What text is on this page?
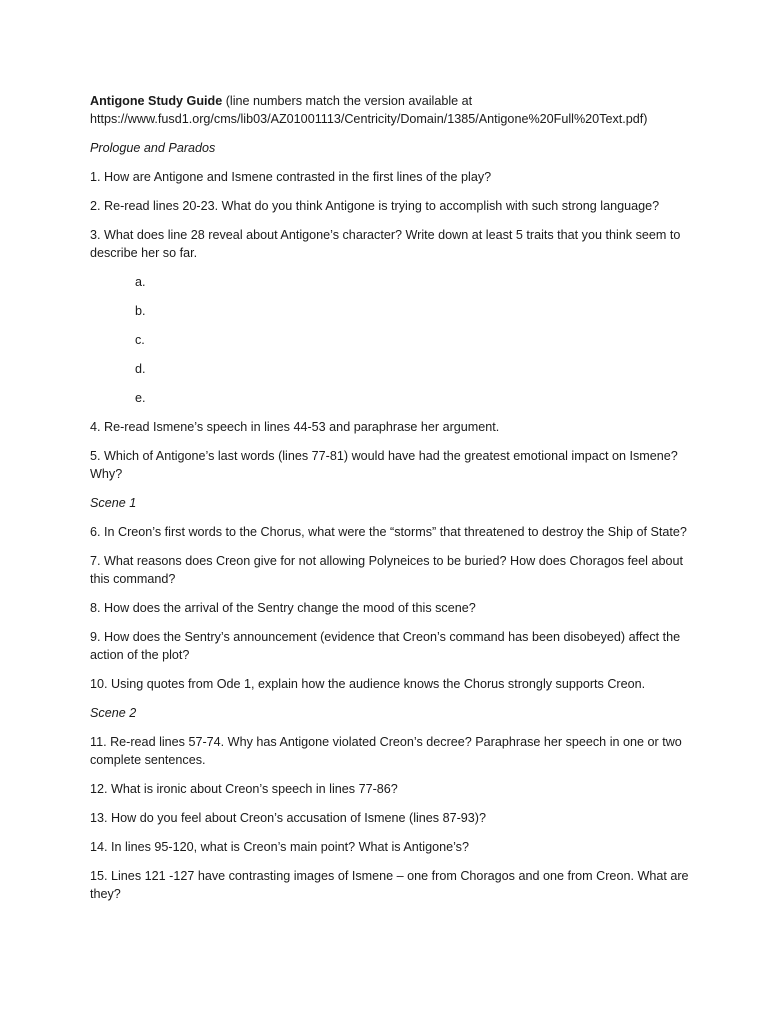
Antigone Study Guide (line numbers match the version available at https://www.fusd1.org/cms/lib03/AZ01001113/Centricity/Domain/1385/Antigone%20Full%20Text.pdf)

Prologue and Parados

1. How are Antigone and Ismene contrasted in the first lines of the play?

2. Re-read lines 20-23. What do you think Antigone is trying to accomplish with such strong language?

3. What does line 28 reveal about Antigone’s character? Write down at least 5 traits that you think seem to describe her so far.

a.

b.

c.

d.

e.

4. Re-read Ismene’s speech in lines 44-53 and paraphrase her argument.

5. Which of Antigone’s last words (lines 77-81) would have had the greatest emotional impact on Ismene? Why?

Scene 1

6. In Creon’s first words to the Chorus, what were the “storms” that threatened to destroy the Ship of State?

7. What reasons does Creon give for not allowing Polyneices to be buried? How does Choragos feel about this command?

8. How does the arrival of the Sentry change the mood of this scene?

9. How does the Sentry’s announcement (evidence that Creon’s command has been disobeyed) affect the action of the plot?

10. Using quotes from Ode 1, explain how the audience knows the Chorus strongly supports Creon.

Scene 2

11. Re-read lines 57-74. Why has Antigone violated Creon’s decree? Paraphrase her speech in one or two complete sentences.

12. What is ironic about Creon’s speech in lines 77-86?

13. How do you feel about Creon’s accusation of Ismene (lines 87-93)?

14. In lines 95-120, what is Creon’s main point? What is Antigone’s?

15. Lines 121 -127 have contrasting images of Ismene – one from Choragos and one from Creon. What are they?
